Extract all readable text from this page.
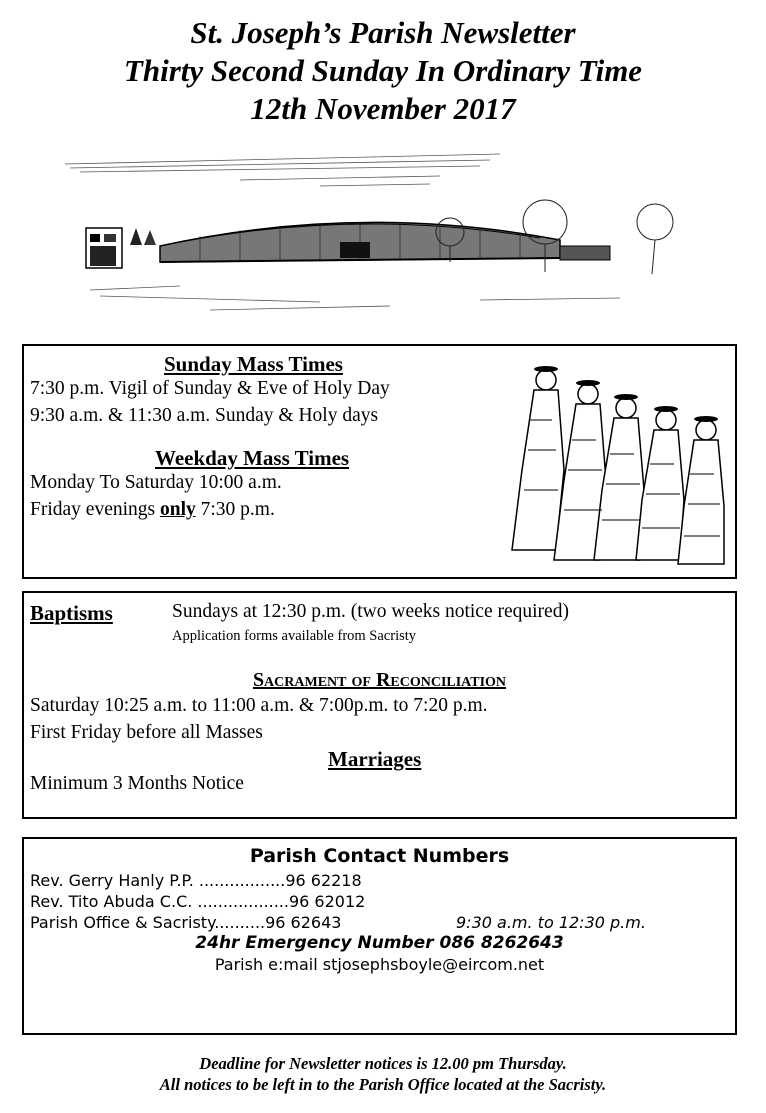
St. Joseph’s Parish Newsletter
Thirty Second Sunday In Ordinary Time
12th November 2017
Sunday Mass Times
7:30 p.m. Vigil of Sunday & Eve of Holy Day
9:30 a.m. & 11:30 a.m. Sunday & Holy days
Weekday Mass Times
Monday To Saturday 10:00 a.m.
Friday evenings only 7:30 p.m.
Baptisms	Sundays at 12:30 p.m. (two weeks notice required)
Application forms available from Sacristy
Sacrament of Reconciliation
Saturday 10:25 a.m. to 11:00 a.m. & 7:00p.m. to 7:20 p.m.
First Friday before all Masses
Marriages
Minimum 3 Months Notice
Parish Contact Numbers
Rev. Gerry Hanly P.P. .................96 62218
Rev. Tito Abuda C.C. ..................96 62012
Parish Office & Sacristy..........96 62643	9:30 a.m. to 12:30 p.m.
24hr Emergency Number 086 8262643
Parish e:mail stjosephsboyle@eircom.net
Deadline for Newsletter notices is 12.00 pm Thursday.
All notices to be left in to the Parish Office located at the Sacristy.
